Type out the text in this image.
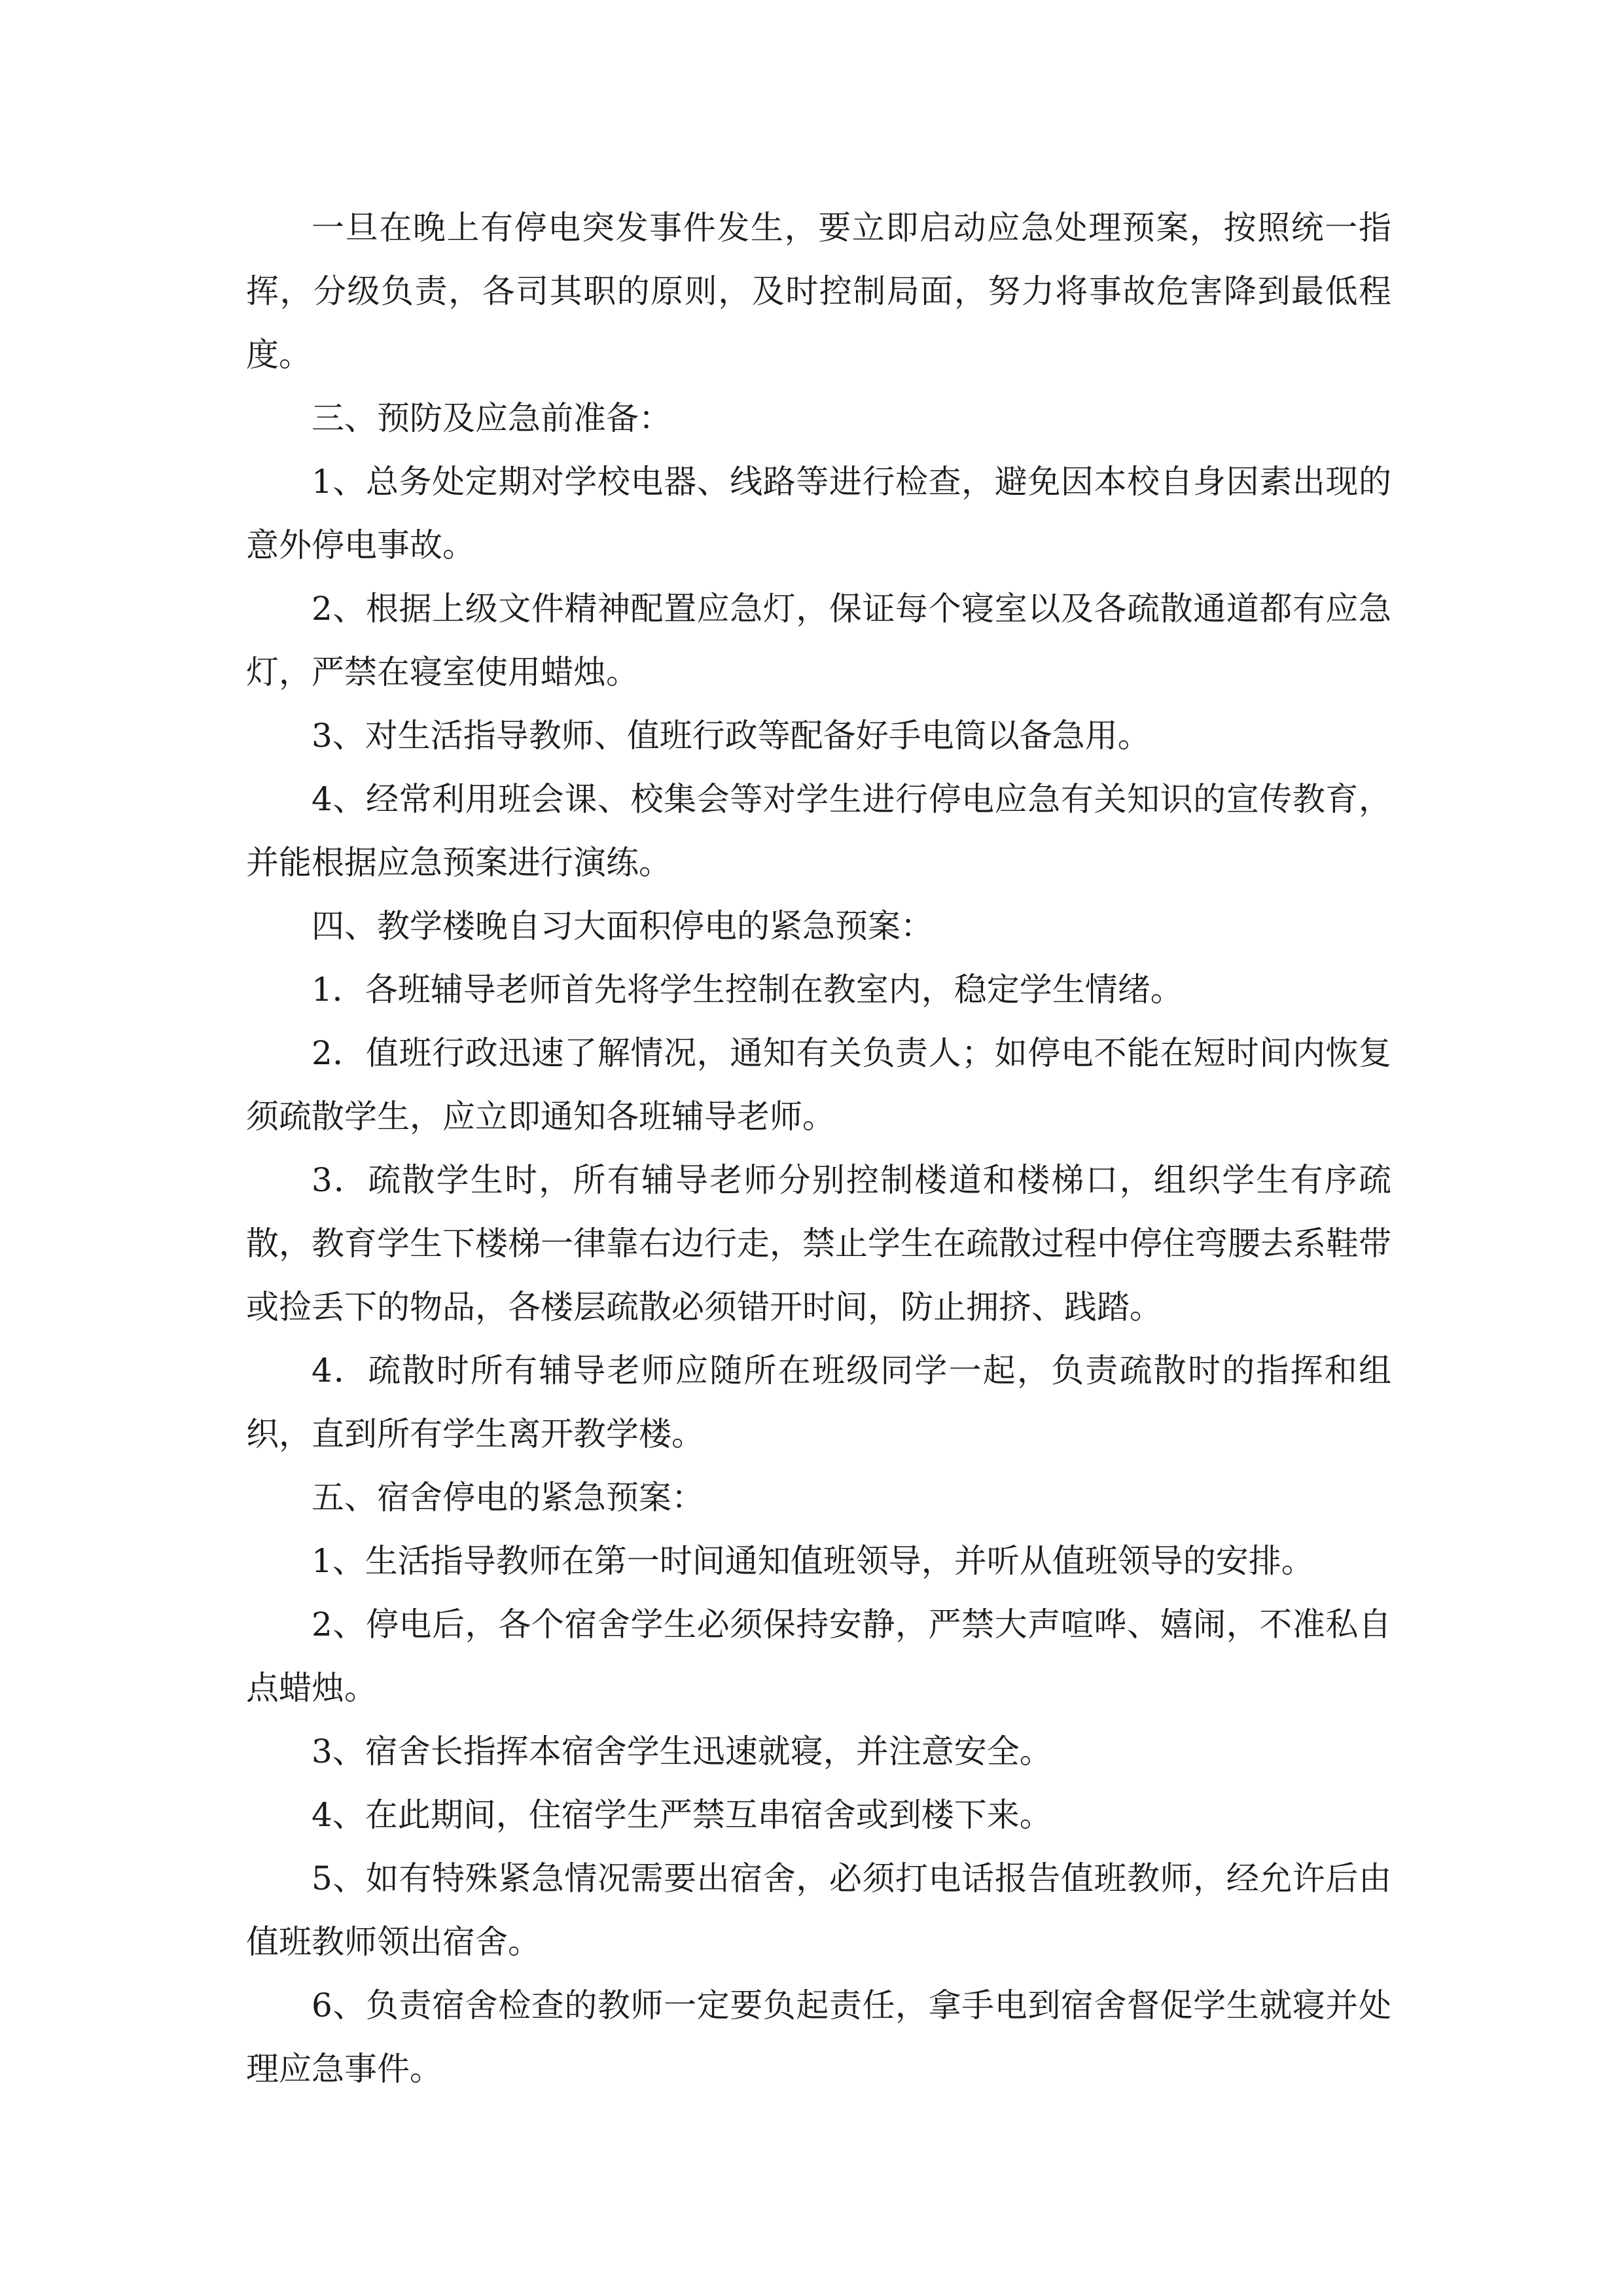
一旦在晚上有停电突发事件发生，要立即启动应急处理预案，按照统一指挥，分级负责，各司其职的原则，及时控制局面，努力将事故危害降到最低程度。

三、预防及应急前准备：

1、总务处定期对学校电器、线路等进行检查，避免因本校自身因素出现的意外停电事故。

2、根据上级文件精神配置应急灯，保证每个寝室以及各疏散通道都有应急灯，严禁在寝室使用蜡烛。

3、对生活指导教师、值班行政等配备好手电筒以备急用。

4、经常利用班会课、校集会等对学生进行停电应急有关知识的宣传教育，并能根据应急预案进行演练。

四、教学楼晚自习大面积停电的紧急预案：

1．各班辅导老师首先将学生控制在教室内，稳定学生情绪。

2．值班行政迅速了解情况，通知有关负责人；如停电不能在短时间内恢复须疏散学生，应立即通知各班辅导老师。

3．疏散学生时，所有辅导老师分别控制楼道和楼梯口，组织学生有序疏散，教育学生下楼梯一律靠右边行走，禁止学生在疏散过程中停住弯腰去系鞋带或捡丢下的物品，各楼层疏散必须错开时间，防止拥挤、践踏。

4．疏散时所有辅导老师应随所在班级同学一起，负责疏散时的指挥和组织，直到所有学生离开教学楼。

五、宿舍停电的紧急预案：

1、生活指导教师在第一时间通知值班领导，并听从值班领导的安排。

2、停电后，各个宿舍学生必须保持安静，严禁大声喧哗、嬉闹，不准私自点蜡烛。

3、宿舍长指挥本宿舍学生迅速就寝，并注意安全。

4、在此期间，住宿学生严禁互串宿舍或到楼下来。

5、如有特殊紧急情况需要出宿舍，必须打电话报告值班教师，经允许后由值班教师领出宿舍。

6、负责宿舍检查的教师一定要负起责任，拿手电到宿舍督促学生就寝并处理应急事件。
